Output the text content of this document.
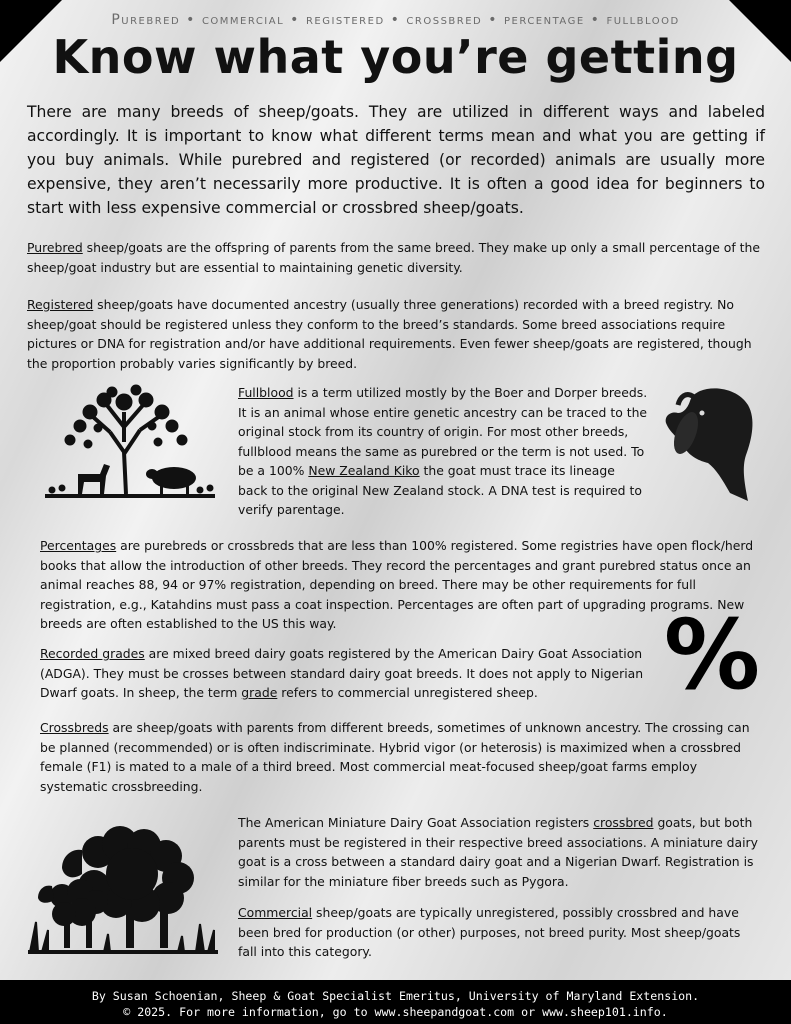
Purebred • commercial • registered • crossbred • percentage • fullblood
Know what you’re getting

There are many breeds of sheep/goats. They are utilized in different ways and labeled accordingly. It is important to know what different terms mean and what you are getting if you buy animals. While purebred and registered (or recorded) animals are usually more expensive, they aren’t necessarily more productive. It is often a good idea for beginners to start with less expensive commercial or crossbred sheep/goats.

Purebred sheep/goats are the offspring of parents from the same breed. They make up only a small percentage of the sheep/goat industry but are essential to maintaining genetic diversity.

Registered sheep/goats have documented ancestry (usually three generations) recorded with a breed registry. No sheep/goat should be registered unless they conform to the breed’s standards. Some breed associations require pictures or DNA for registration and/or have additional requirements. Even fewer sheep/goats are registered, though the proportion probably varies significantly by breed.

Fullblood is a term utilized mostly by the Boer and Dorper breeds. It is an animal whose entire genetic ancestry can be traced to the original stock from its country of origin. For most other breeds, fullblood means the same as purebred or the term is not used. To be a 100% New Zealand Kiko the goat must trace its lineage back to the original New Zealand stock. A DNA test is required to verify parentage.

Percentages are purebreds or crossbreds that are less than 100% registered. Some registries have open flock/herd books that allow the introduction of other breeds. They record the percentages and grant purebred status once an animal reaches 88, 94 or 97% registration, depending on breed. There may be other requirements for full registration, e.g., Katahdins must pass a coat inspection. Percentages are often part of upgrading programs. New breeds are often established to the US this way.

Recorded grades are mixed breed dairy goats registered by the American Dairy Goat Association (ADGA). They must be crosses between standard dairy goat breeds. It does not apply to Nigerian Dwarf goats. In sheep, the term grade refers to commercial unregistered sheep.	%

Crossbreds are sheep/goats with parents from different breeds, sometimes of unknown ancestry. The crossing can be planned (recommended) or is often indiscriminate. Hybrid vigor (or heterosis) is maximized when a crossbred female (F1) is mated to a male of a third breed. Most commercial meat-focused sheep/goat farms employ systematic crossbreeding.

The American Miniature Dairy Goat Association registers crossbred goats, but both parents must be registered in their respective breed associations. A miniature dairy goat is a cross between a standard dairy goat and a Nigerian Dwarf. Registration is similar for the miniature fiber breeds such as Pygora.

Commercial sheep/goats are typically unregistered, possibly crossbred and have been bred for production (or other) purposes, not breed purity. Most sheep/goats fall into this category.

By Susan Schoenian, Sheep & Goat Specialist Emeritus, University of Maryland Extension.
© 2025. For more information, go to www.sheepandgoat.com or www.sheep101.info.
